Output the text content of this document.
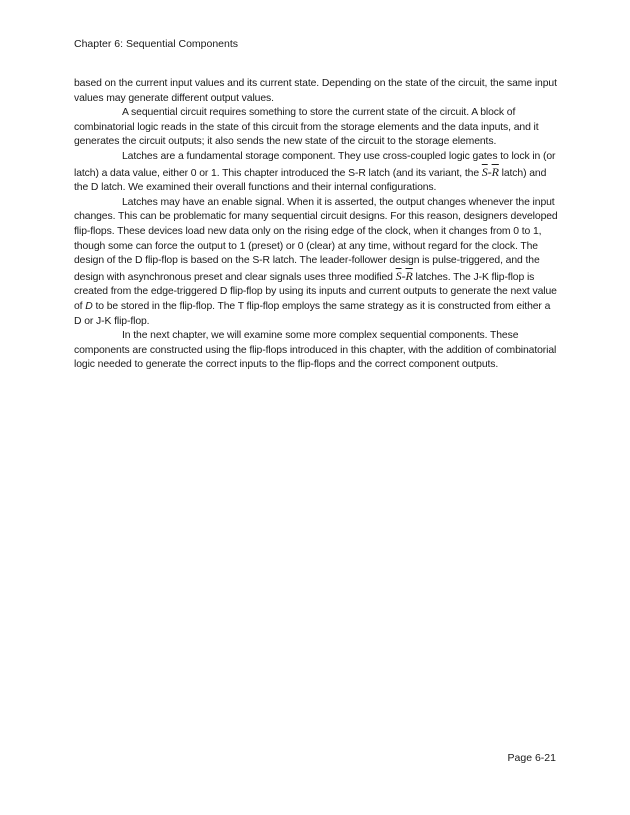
Chapter 6: Sequential Components

based on the current input values and its current state. Depending on the state of the circuit, the same input values may generate different output values.

A sequential circuit requires something to store the current state of the circuit. A block of combinatorial logic reads in the state of this circuit from the storage elements and the data inputs, and it generates the circuit outputs; it also sends the new state of the circuit to the storage elements.

Latches are a fundamental storage component. They use cross-coupled logic gates to lock in (or latch) a data value, either 0 or 1. This chapter introduced the S-R latch (and its variant, the $\overline{S}-\overline{R}$ latch) and the D latch. We examined their overall functions and their internal configurations.

Latches may have an enable signal. When it is asserted, the output changes whenever the input changes. This can be problematic for many sequential circuit designs. For this reason, designers developed flip-flops. These devices load new data only on the rising edge of the clock, when it changes from 0 to 1, though some can force the output to 1 (preset) or 0 (clear) at any time, without regard for the clock. The design of the D flip-flop is based on the S-R latch. The leader-follower design is pulse-triggered, and the design with asynchronous preset and clear signals uses three modified $\overline{S}-\overline{R}$ latches. The J-K flip-flop is created from the edge-triggered D flip-flop by using its inputs and current outputs to generate the next value of D to be stored in the flip-flop. The T flip-flop employs the same strategy as it is constructed from either a D or J-K flip-flop.

In the next chapter, we will examine some more complex sequential components. These components are constructed using the flip-flops introduced in this chapter, with the addition of combinatorial logic needed to generate the correct inputs to the flip-flops and the correct component outputs.

Page 6-21
